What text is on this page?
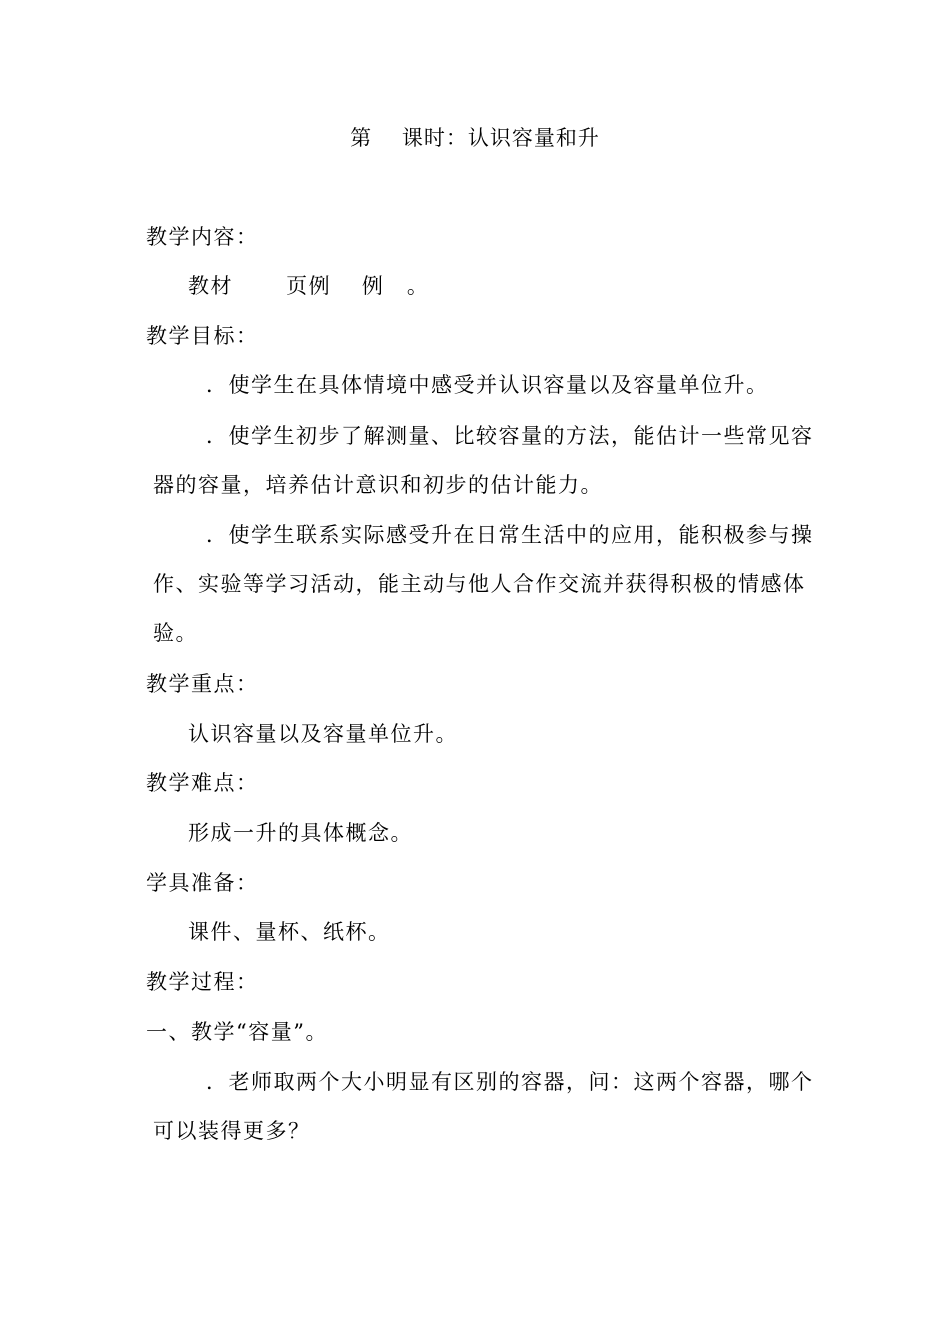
第　 课时：认识容量和升
教学内容：
教材　　 页例　 例　。
教学目标：
．使学生在具体情境中感受并认识容量以及容量单位升。
．使学生初步了解测量、比较容量的方法，能估计一些常见容
器的容量，培养估计意识和初步的估计能力。
．使学生联系实际感受升在日常生活中的应用，能积极参与操
作、实验等学习活动，能主动与他人合作交流并获得积极的情感体
验。
教学重点：
认识容量以及容量单位升。
教学难点：
形成一升的具体概念。
学具准备：
课件、量杯、纸杯。
教学过程：
一、教学“容量”。
．老师取两个大小明显有区别的容器，问：这两个容器，哪个
可以装得更多？
